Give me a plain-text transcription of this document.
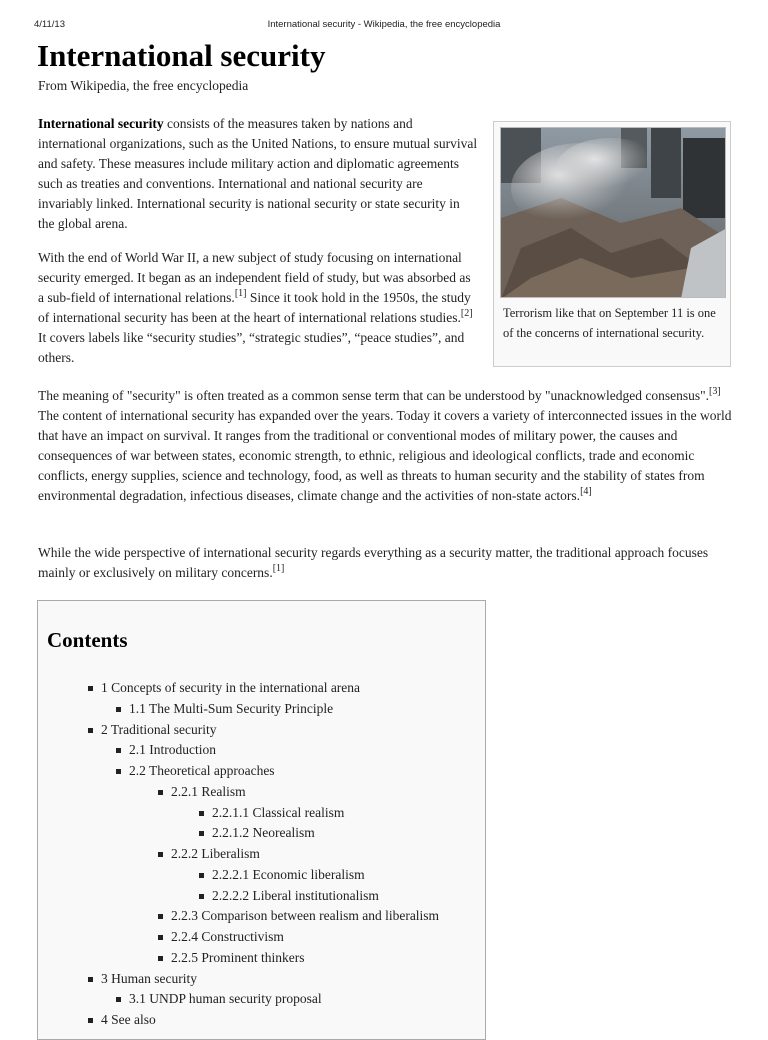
4/11/13	International security - Wikipedia, the free encyclopedia
International security

From Wikipedia, the free encyclopedia

International security consists of the measures taken by nations and international organizations, such as the United Nations, to ensure mutual survival and safety. These measures include military action and diplomatic agreements such as treaties and conventions. International and national security are invariably linked. International security is national security or state security in the global arena.

With the end of World War II, a new subject of study focusing on international security emerged. It began as an independent field of study, but was absorbed as a sub-field of international relations.[1] Since it took hold in the 1950s, the study of international security has been at the heart of international relations studies.[2] It covers labels like “security studies”, “strategic studies”, “peace studies”, and others.

The meaning of "security" is often treated as a common sense term that can be understood by "unacknowledged consensus".[3] The content of international security has expanded over the years. Today it covers a variety of interconnected issues in the world that have an impact on survival. It ranges from the traditional or conventional modes of military power, the causes and consequences of war between states, economic strength, to ethnic, religious and ideological conflicts, trade and economic conflicts, energy supplies, science and technology, food, as well as threats to human security and the stability of states from environmental degradation, infectious diseases, climate change and the activities of non-state actors.[4]

While the wide perspective of international security regards everything as a security matter, the traditional approach focuses mainly or exclusively on military concerns.[1]

Terrorism like that on September 11 is one of the concerns of international security.
Contents
1 Concepts of security in the international arena
1.1 The Multi-Sum Security Principle
2 Traditional security
2.1 Introduction
2.2 Theoretical approaches
2.2.1 Realism
2.2.1.1 Classical realism
2.2.1.2 Neorealism
2.2.2 Liberalism
2.2.2.1 Economic liberalism
2.2.2.2 Liberal institutionalism
2.2.3 Comparison between realism and liberalism
2.2.4 Constructivism
2.2.5 Prominent thinkers
3 Human security
3.1 UNDP human security proposal
4 See also
